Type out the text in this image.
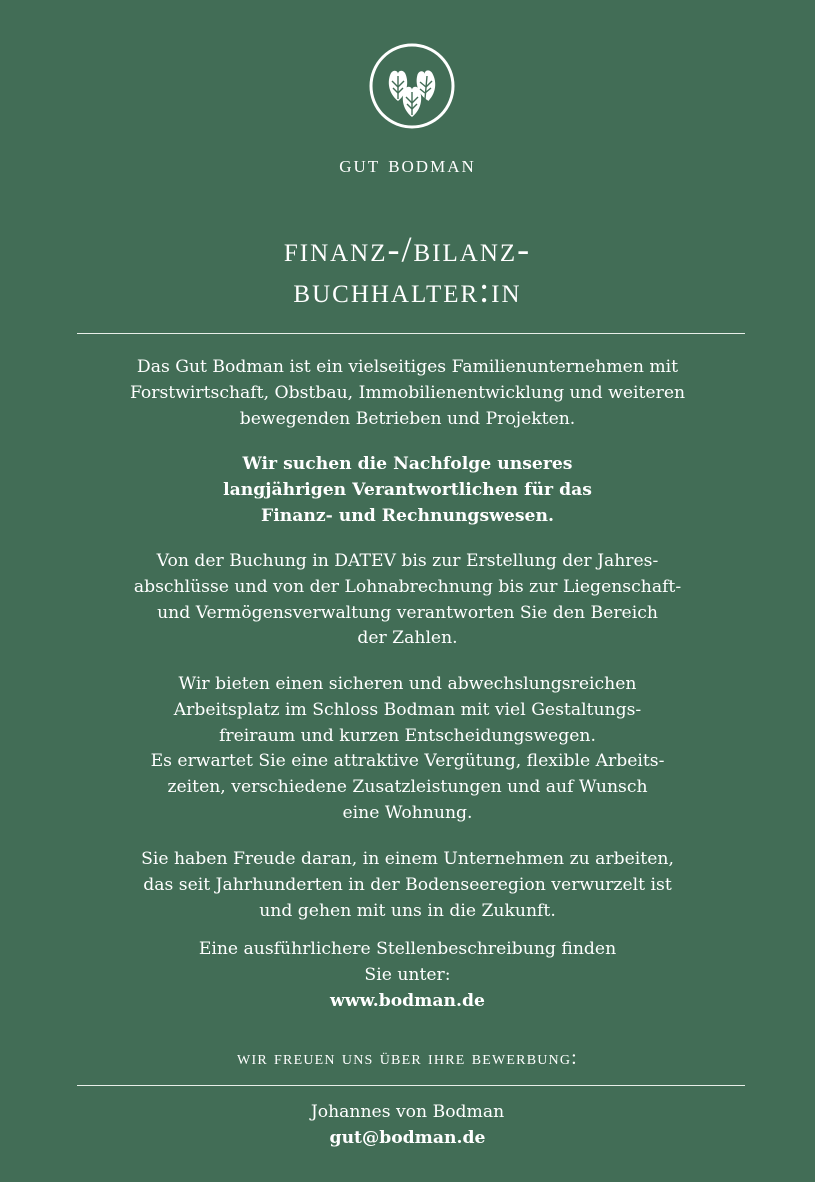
gut bodman
finanz-/bilanz-
buchhalter:in
Das Gut Bodman ist ein vielseitiges Familienunternehmen mit
Forstwirtschaft, Obstbau, Immobilienentwicklung und weiteren
bewegenden Betrieben und Projekten.
Wir suchen die Nachfolge unseres
langjährigen Verantwortlichen für das
Finanz- und Rechnungswesen.
Von der Buchung in DATEV bis zur Erstellung der Jahres-
abschlüsse und von der Lohnabrechnung bis zur Liegenschaft-
und Vermögensverwaltung verantworten Sie den Bereich
der Zahlen.
Wir bieten einen sicheren und abwechslungsreichen
Arbeitsplatz im Schloss Bodman mit viel Gestaltungs-
freiraum und kurzen Entscheidungswegen.
Es erwartet Sie eine attraktive Vergütung, flexible Arbeits-
zeiten, verschiedene Zusatzleistungen und auf Wunsch
eine Wohnung.
Sie haben Freude daran, in einem Unternehmen zu arbeiten,
das seit Jahrhunderten in der Bodenseeregion verwurzelt ist
und gehen mit uns in die Zukunft.
Eine ausführlichere Stellenbeschreibung finden
Sie unter:
www.bodman.de
wir freuen uns über ihre bewerbung:
Johannes von Bodman
gut@bodman.de
